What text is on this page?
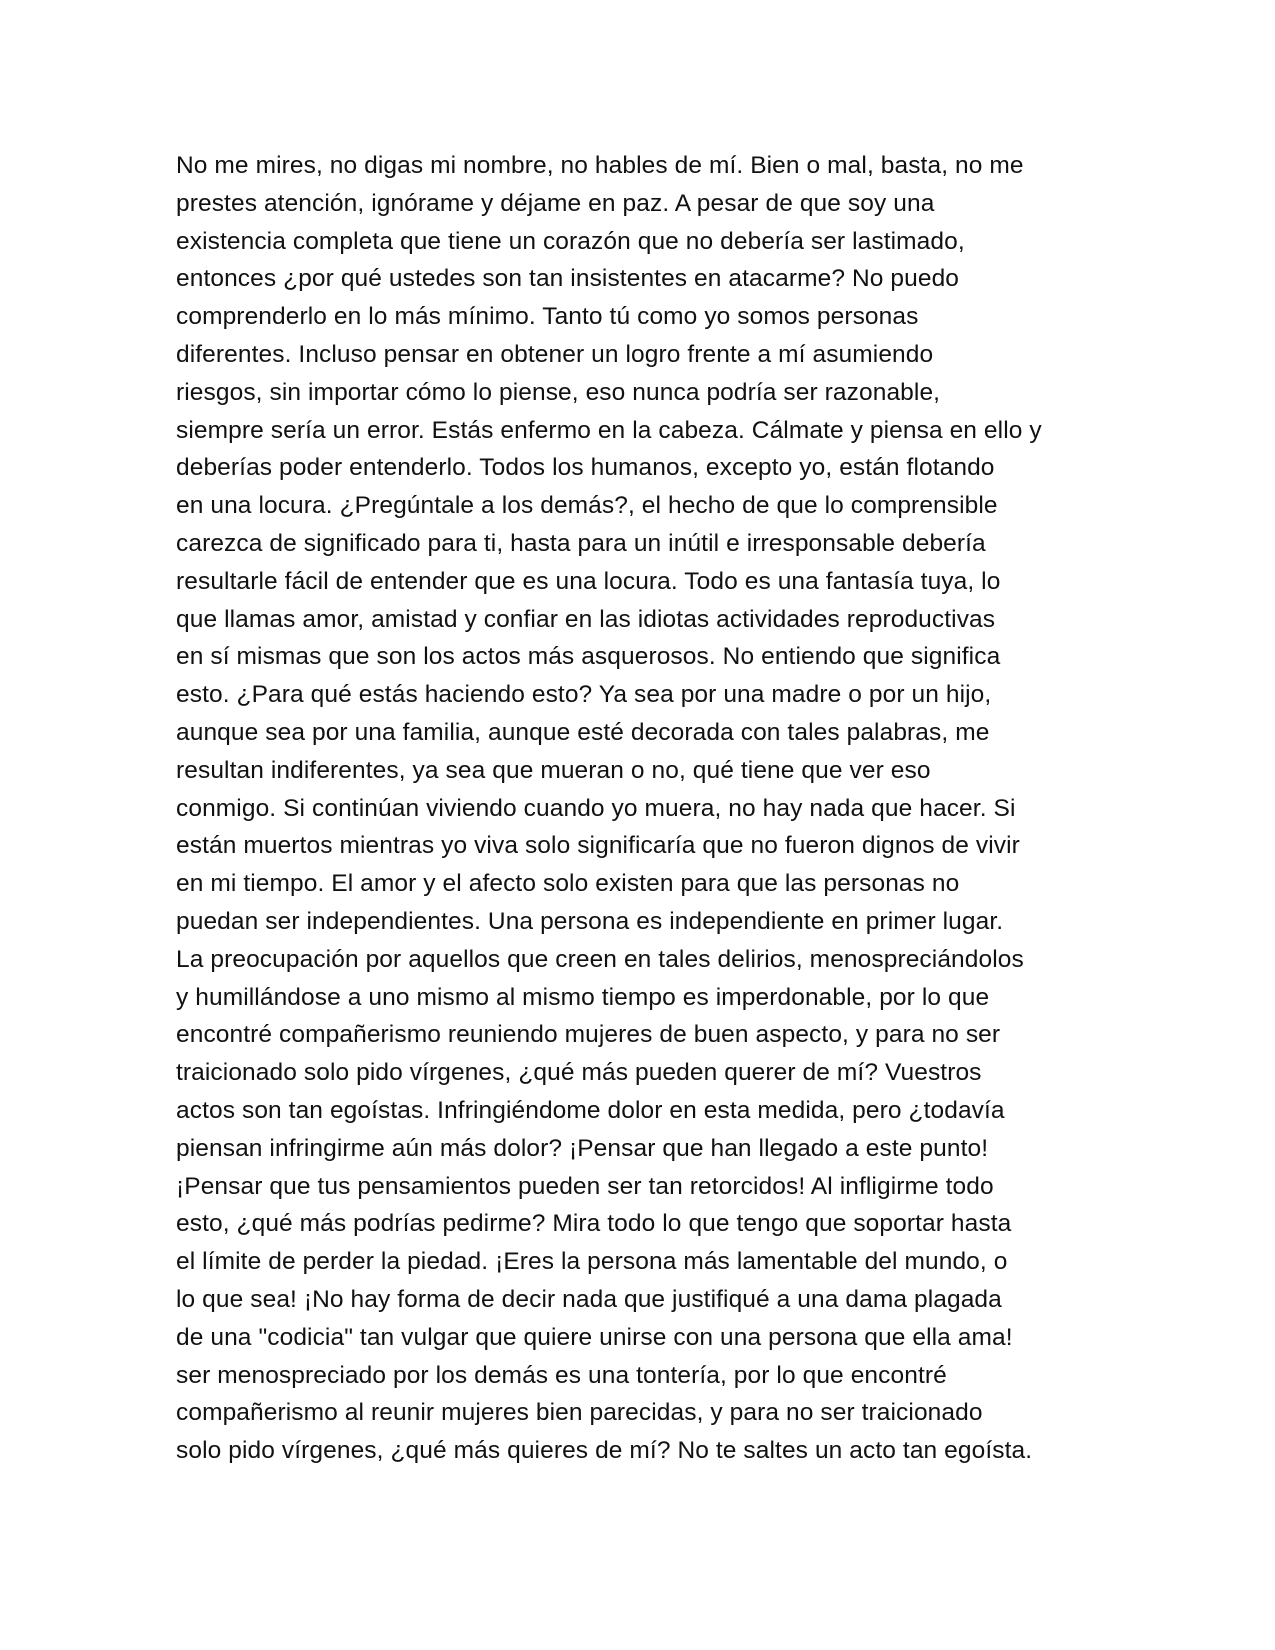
No me mires, no digas mi nombre, no hables de mí. Bien o mal, basta, no me
prestes atención, ignórame y déjame en paz. A pesar de que soy una
existencia completa que tiene un corazón que no debería ser lastimado,
entonces ¿por qué ustedes son tan insistentes en atacarme? No puedo
comprenderlo en lo más mínimo. Tanto tú como yo somos personas
diferentes. Incluso pensar en obtener un logro frente a mí asumiendo
riesgos, sin importar cómo lo piense, eso nunca podría ser razonable,
siempre sería un error. Estás enfermo en la cabeza. Cálmate y piensa en ello y
deberías poder entenderlo. Todos los humanos, excepto yo, están flotando
en una locura. ¿Pregúntale a los demás?, el hecho de que lo comprensible
carezca de significado para ti, hasta para un inútil e irresponsable debería
resultarle fácil de entender que es una locura. Todo es una fantasía tuya, lo
que llamas amor, amistad y confiar en las idiotas actividades reproductivas
en sí mismas que son los actos más asquerosos. No entiendo que significa
esto. ¿Para qué estás haciendo esto? Ya sea por una madre o por un hijo,
aunque sea por una familia, aunque esté decorada con tales palabras, me
resultan indiferentes, ya sea que mueran o no, qué tiene que ver eso
conmigo. Si continúan viviendo cuando yo muera, no hay nada que hacer. Si
están muertos mientras yo viva solo significaría que no fueron dignos de vivir
en mi tiempo. El amor y el afecto solo existen para que las personas no
puedan ser independientes. Una persona es independiente en primer lugar.
La preocupación por aquellos que creen en tales delirios, menospreciándolos
y humillándose a uno mismo al mismo tiempo es imperdonable, por lo que
encontré compañerismo reuniendo mujeres de buen aspecto, y para no ser
traicionado solo pido vírgenes, ¿qué más pueden querer de mí? Vuestros
actos son tan egoístas. Infringiéndome dolor en esta medida, pero ¿todavía
piensan infringirme aún más dolor? ¡Pensar que han llegado a este punto!
¡Pensar que tus pensamientos pueden ser tan retorcidos! Al infligirme todo
esto, ¿qué más podrías pedirme? Mira todo lo que tengo que soportar hasta
el límite de perder la piedad. ¡Eres la persona más lamentable del mundo, o
lo que sea! ¡No hay forma de decir nada que justifiqué a una dama plagada
de una "codicia" tan vulgar que quiere unirse con una persona que ella ama!
ser menospreciado por los demás es una tontería, por lo que encontré
compañerismo al reunir mujeres bien parecidas, y para no ser traicionado
solo pido vírgenes, ¿qué más quieres de mí? No te saltes un acto tan egoísta.
